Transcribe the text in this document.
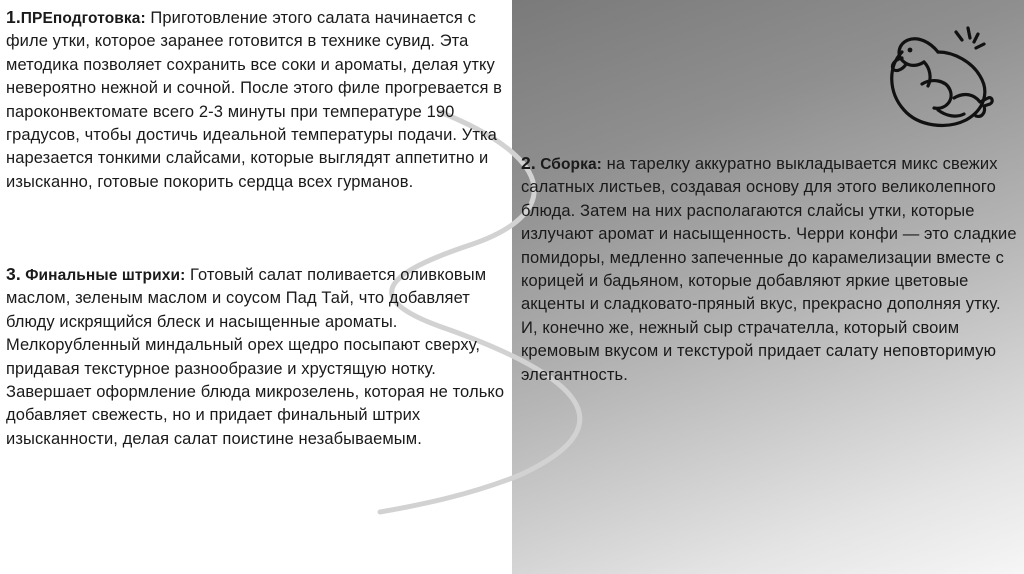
1.ПРЕподготовка: Приготовление этого салата начинается с филе утки, которое заранее готовится в технике сувид. Эта методика позволяет сохранить все соки и ароматы, делая утку невероятно нежной и сочной. После этого филе прогревается в пароконвектомате всего 2-3 минуты при температуре 190 градусов, чтобы достичь идеальной температуры подачи. Утка нарезается тонкими слайсами, которые выглядят аппетитно и изысканно, готовые покорить сердца всех гурманов.

2. Сборка: на тарелку аккуратно выкладывается микс свежих салатных листьев, создавая основу для этого великолепного блюда. Затем на них располагаются слайсы утки, которые излучают аромат и насыщенность. Черри конфи — это сладкие помидоры, медленно запеченные до карамелизации вместе с корицей и бадьяном, которые добавляют яркие цветовые акценты и сладковато-пряный вкус, прекрасно дополняя утку. И, конечно же, нежный сыр страчателла, который своим кремовым вкусом и текстурой придает салату неповторимую элегантность.

3. Финальные штрихи: Готовый салат поливается оливковым маслом, зеленым маслом и соусом Пад Тай, что добавляет блюду искрящийся блеск и насыщенные ароматы. Мелкорубленный миндальный орех щедро посыпают сверху, придавая текстурное разнообразие и хрустящую нотку.
Завершает оформление блюда микрозелень, которая не только добавляет свежесть, но и придает финальный штрих изысканности, делая салат поистине незабываемым.
